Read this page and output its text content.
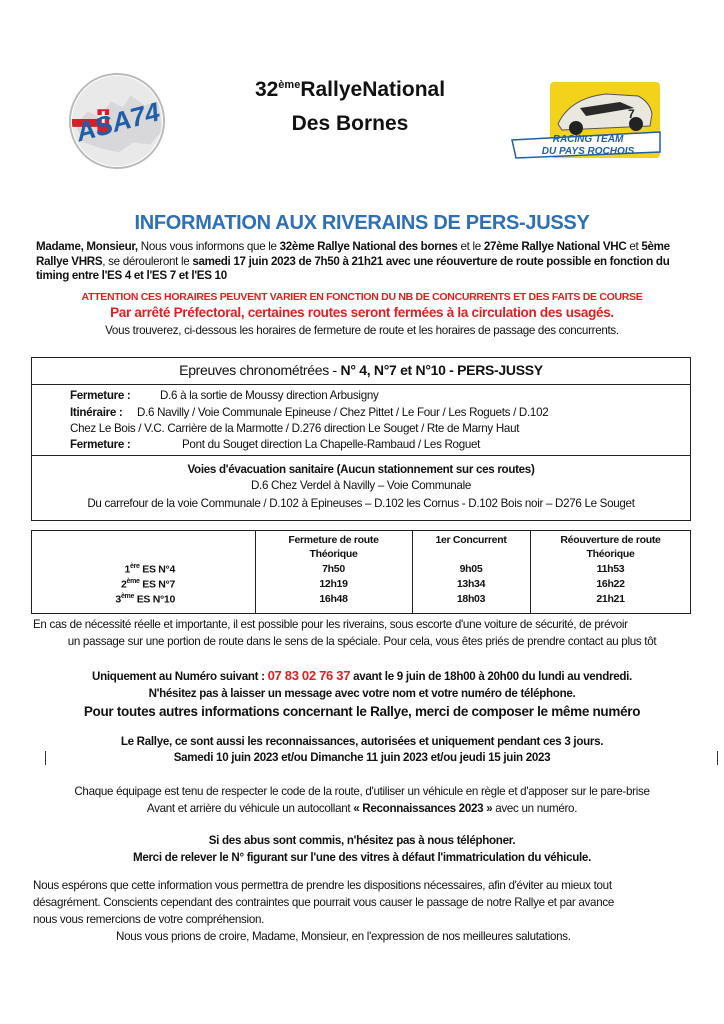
ASA74	7
RACING TEAM
DU PAYS ROCHOIS
32èmeRallyeNational
Des Bornes
INFORMATION AUX RIVERAINS DE PERS-JUSSY
Madame, Monsieur, Nous vous informons que le 32ème Rallye National des bornes et le 27ème Rallye National VHC et 5ème Rallye VHRS, se dérouleront le samedi 17 juin 2023 de 7h50 à 21h21 avec une réouverture de route possible en fonction du timing entre l'ES 4 et l'ES 7 et l'ES 10
ATTENTION CES HORAIRES PEUVENT VARIER EN FONCTION DU NB DE CONCURRENTS ET DES FAITS DE COURSE
Par arrêté Préfectoral, certaines routes seront fermées à la circulation des usagés.
Vous trouverez, ci-dessous les horaires de fermeture de route et les horaires de passage des concurrents.
Epreuves chronométrées - N° 4, N°7 et N°10 - PERS-JUSSY
Fermeture :	D.6 à la sortie de Moussy direction Arbusigny
Itinéraire : D.6 Navilly / Voie Communale Epineuse / Chez Pittet / Le Four / Les Roguets / D.102
Chez Le Bois / V.C. Carrière de la Marmotte / D.276 direction Le Souget / Rte de Marny Haut
Fermeture :	Pont du Souget direction La Chapelle-Rambaud / Les Roguet
Voies d'évacuation sanitaire (Aucun stationnement sur ces routes)
D.6 Chez Verdel à Navilly – Voie Communale
Du carrefour de la voie Communale / D.102 à Epineuses – D.102 les Cornus - D.102 Bois noir – D276 Le Souget
Fermeture de route
Théorique
1er Concurrent	Réouverture de route
Théorique
1ère ES N°4	7h50	9h05	11h53
2ème ES N°7	12h19	13h34	16h22
3ème ES N°10	16h48	18h03	21h21
En cas de nécessité réelle et importante, il est possible pour les riverains, sous escorte d'une voiture de sécurité, de prévoir
un passage sur une portion de route dans le sens de la spéciale. Pour cela, vous êtes priés de prendre contact au plus tôt
Uniquement au Numéro suivant : 07 83 02 76 37 avant le 9 juin de 18h00 à 20h00 du lundi au vendredi.
N'hésitez pas à laisser un message avec votre nom et votre numéro de téléphone.
Pour toutes autres informations concernant le Rallye, merci de composer le même numéro
Le Rallye, ce sont aussi les reconnaissances, autorisées et uniquement pendant ces 3 jours.
Samedi 10 juin 2023 et/ou Dimanche 11 juin 2023 et/ou jeudi 15 juin 2023
Chaque équipage est tenu de respecter le code de la route, d'utiliser un véhicule en règle et d'apposer sur le pare-brise
Avant et arrière du véhicule un autocollant « Reconnaissances 2023 » avec un numéro.
Si des abus sont commis, n'hésitez pas à nous téléphoner.
Merci de relever le N° figurant sur l'une des vitres à défaut l'immatriculation du véhicule.
Nous espérons que cette information vous permettra de prendre les dispositions nécessaires, afin d'éviter au mieux tout
désagrément. Conscients cependant des contraintes que pourrait vous causer le passage de notre Rallye et par avance
nous vous remercions de votre compréhension.
Nous vous prions de croire, Madame, Monsieur, en l'expression de nos meilleures salutations.
